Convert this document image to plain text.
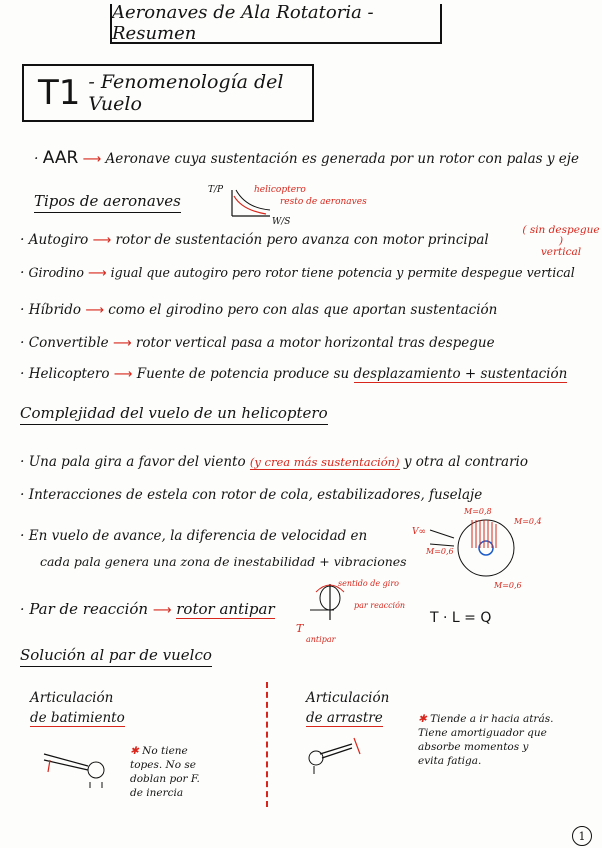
Aeronaves de Ala Rotatoria - Resumen
T1 - Fenomenología del Vuelo
· AAR ⟶ Aeronave cuya sustentación es generada por un rotor con palas y eje
Tipos de aeronaves
T/P
W/S
helicoptero
resto de aeronaves
· Autogiro ⟶ rotor de sustentación pero avanza con motor principal
( sin despegue )
vertical
· Girodino ⟶ igual que autogiro pero rotor tiene potencia y permite despegue vertical
· Híbrido ⟶ como el girodino pero con alas que aportan sustentación
· Convertible ⟶ rotor vertical pasa a motor horizontal tras despegue
· Helicoptero ⟶ Fuente de potencia produce su desplazamiento + sustentación
Complejidad del vuelo de un helicoptero
· Una pala gira a favor del viento (y crea más sustentación) y otra al contrario
· Interacciones de estela con rotor de cola, estabilizadores, fuselaje
· En vuelo de avance, la diferencia de velocidad en
cada pala genera una zona de inestabilidad + vibraciones
V∞
M=0,8
M=0,4
M=0,6
M=0,6
· Par de reacción ⟶ rotor antipar
sentido de giro
par reacción
T
antipar
T · L = Q
Solución al par de vuelco
Articulación
de batimiento
✱ No tiene
topes. No se
doblan por F.
de inercia
Articulación
de arrastre	✱ Tiende a ir hacia atrás.
Tiene amortiguador que
absorbe momentos y
evita fatiga.
1
